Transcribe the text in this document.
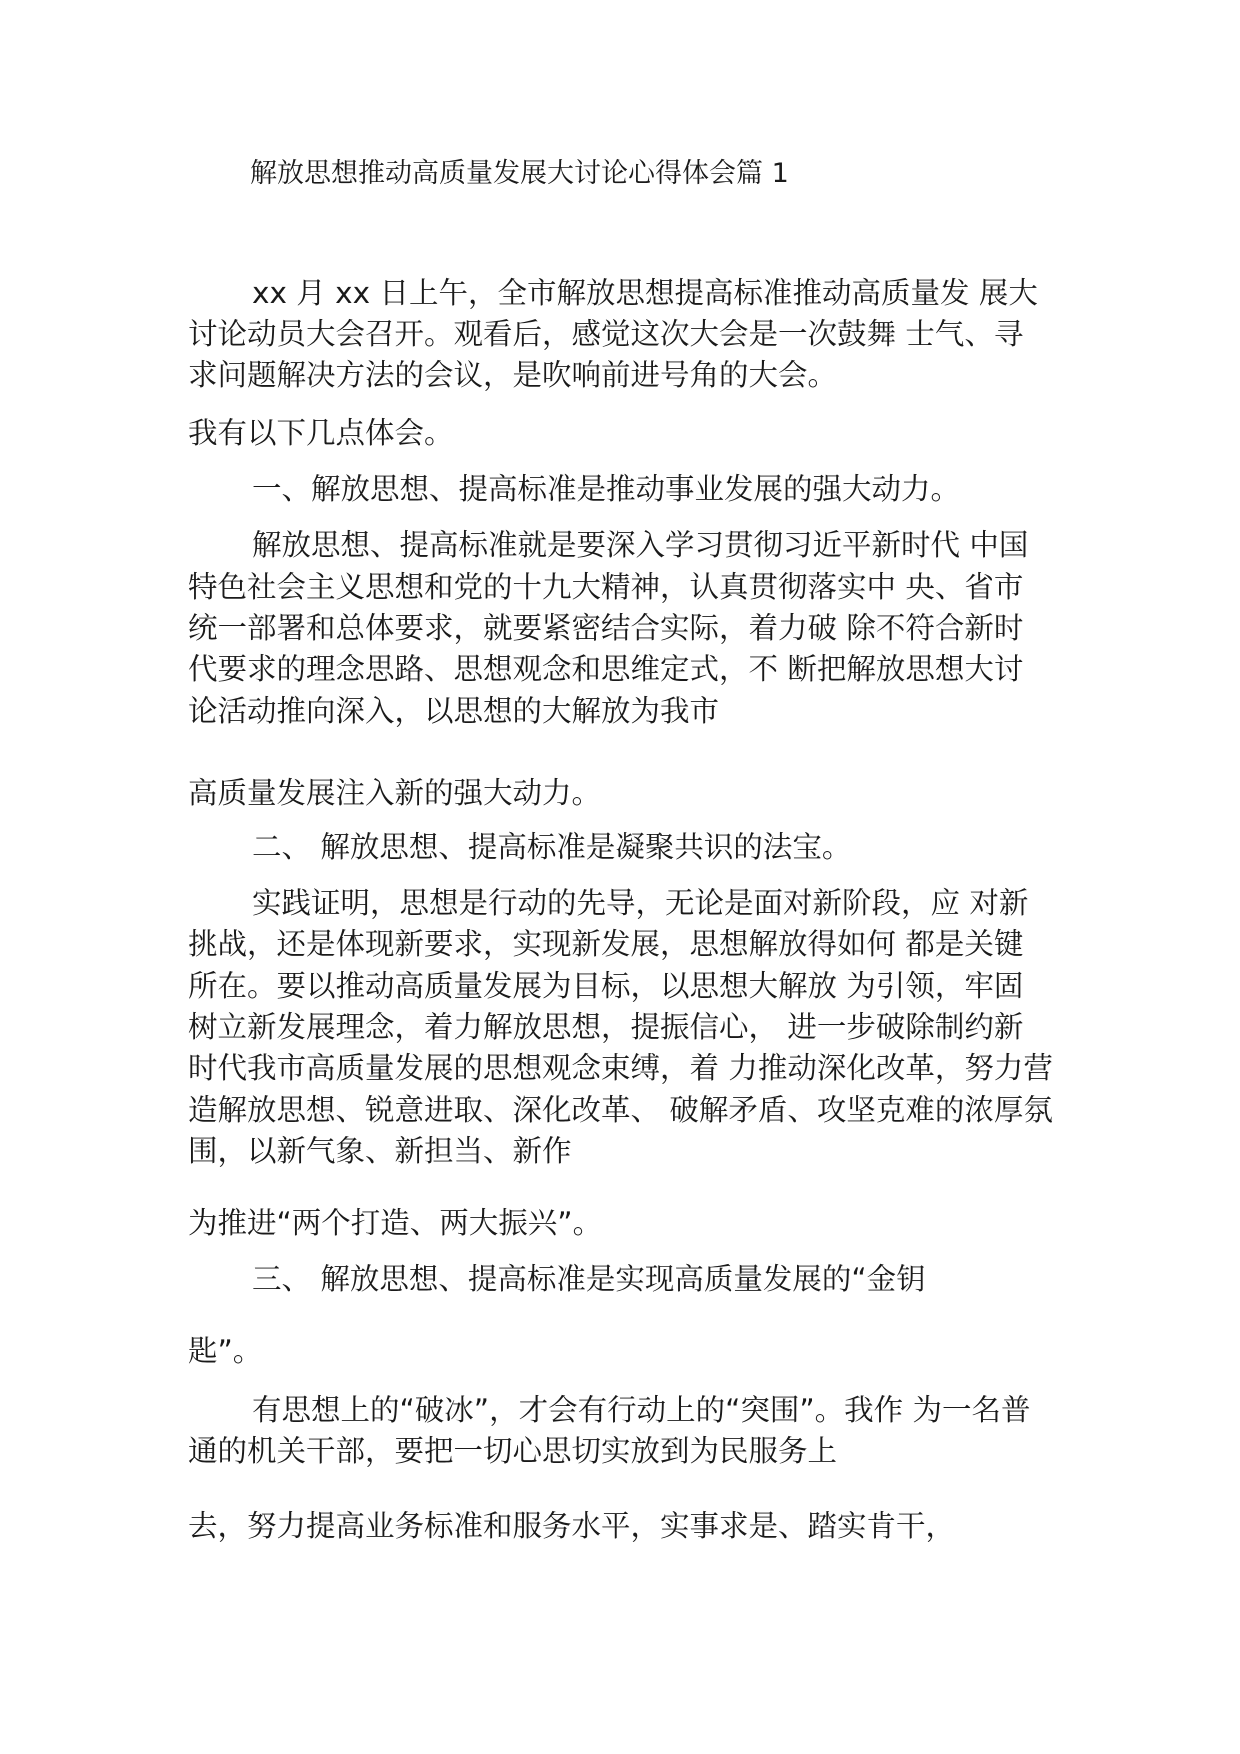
解放思想推动高质量发展大讨论心得体会篇 1
xx 月 xx 日上午，全市解放思想提高标准推动高质量发 展大
讨论动员大会召开。观看后，感觉这次大会是一次鼓舞 士气、寻
求问题解决方法的会议，是吹响前进号角的大会。
我有以下几点体会。
一、解放思想、提高标准是推动事业发展的强大动力。
解放思想、提高标准就是要深入学习贯彻习近平新时代 中国
特色社会主义思想和党的十九大精神，认真贯彻落实中 央、省市
统一部署和总体要求，就要紧密结合实际，着力破 除不符合新时
代要求的理念思路、思想观念和思维定式，不 断把解放思想大讨
论活动推向深入，以思想的大解放为我市
高质量发展注入新的强大动力。
二、 解放思想、提高标准是凝聚共识的法宝。
实践证明，思想是行动的先导，无论是面对新阶段，应 对新
挑战，还是体现新要求，实现新发展，思想解放得如何 都是关键
所在。要以推动高质量发展为目标，以思想大解放 为引领，牢固
树立新发展理念，着力解放思想，提振信心， 进一步破除制约新
时代我市高质量发展的思想观念束缚，着 力推动深化改革，努力营
造解放思想、锐意进取、深化改革、 破解矛盾、攻坚克难的浓厚氛
围，以新气象、新担当、新作
为推进“两个打造、两大振兴”。
三、 解放思想、提高标准是实现高质量发展的“金钥
匙”。
有思想上的“破冰”，才会有行动上的“突围”。我作 为一名普
通的机关干部，要把一切心思切实放到为民服务上
去，努力提高业务标准和服务水平，实事求是、踏实肯干，
